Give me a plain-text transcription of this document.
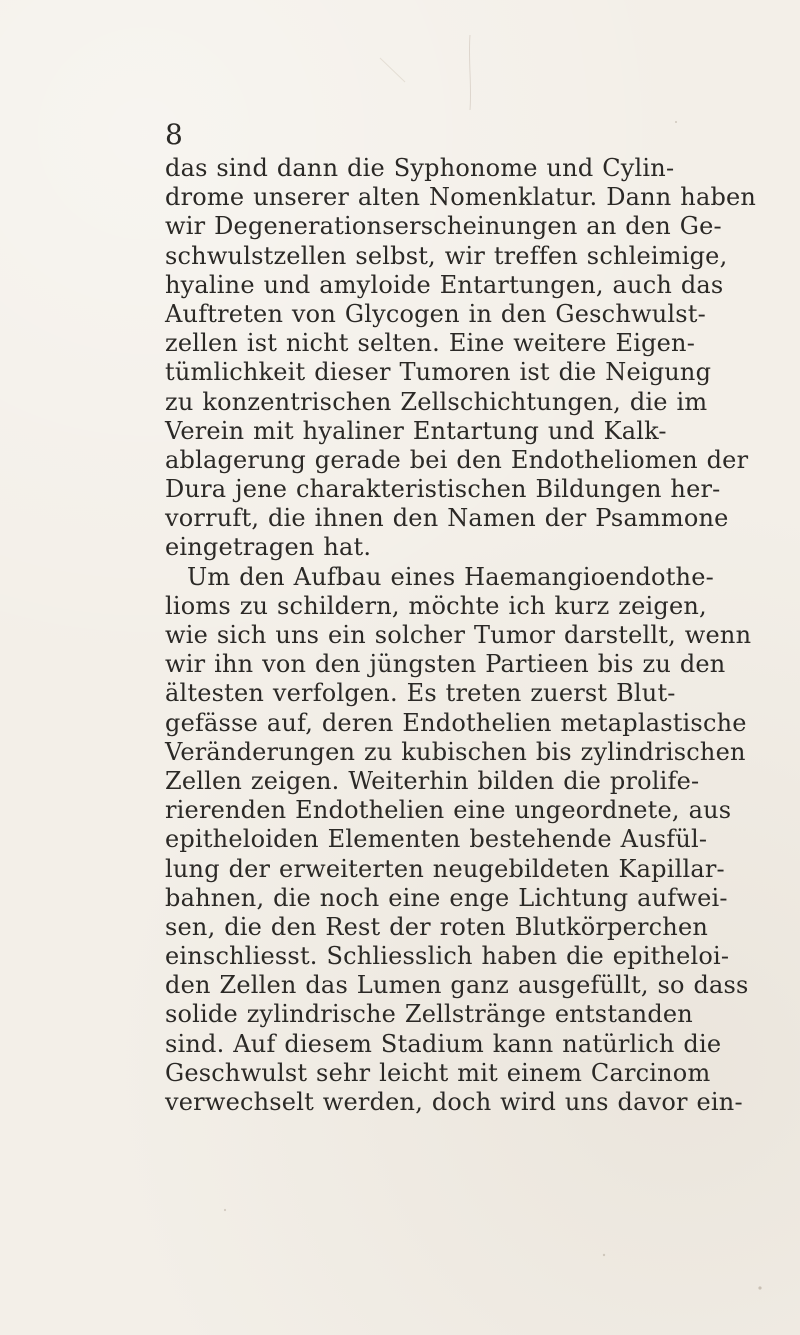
8
das sind dann die Syphonome und Cylin-
drome unserer alten Nomenklatur. Dann haben
wir Degenerationserscheinungen an den Ge-
schwulstzellen selbst, wir treffen schleimige,
hyaline und amyloide Entartungen, auch das
Auftreten von Glycogen in den Geschwulst-
zellen ist nicht selten. Eine weitere Eigen-
tümlichkeit dieser Tumoren ist die Neigung
zu konzentrischen Zellschichtungen, die im
Verein mit hyaliner Entartung und Kalk-
ablagerung gerade bei den Endotheliomen der
Dura jene charakteristischen Bildungen her-
vorruft, die ihnen den Namen der Psammone
eingetragen hat.
Um den Aufbau eines Haemangioendothe-
lioms zu schildern, möchte ich kurz zeigen,
wie sich uns ein solcher Tumor darstellt, wenn
wir ihn von den jüngsten Partieen bis zu den
ältesten verfolgen. Es treten zuerst Blut-
gefässe auf, deren Endothelien metaplastische
Veränderungen zu kubischen bis zylindrischen
Zellen zeigen. Weiterhin bilden die prolife-
rierenden Endothelien eine ungeordnete, aus
epitheloiden Elementen bestehende Ausfül-
lung der erweiterten neugebildeten Kapillar-
bahnen, die noch eine enge Lichtung aufwei-
sen, die den Rest der roten Blutkörperchen
einschliesst. Schliesslich haben die epitheloi-
den Zellen das Lumen ganz ausgefüllt, so dass
solide zylindrische Zellstränge entstanden
sind. Auf diesem Stadium kann natürlich die
Geschwulst sehr leicht mit einem Carcinom
verwechselt werden, doch wird uns davor ein-
